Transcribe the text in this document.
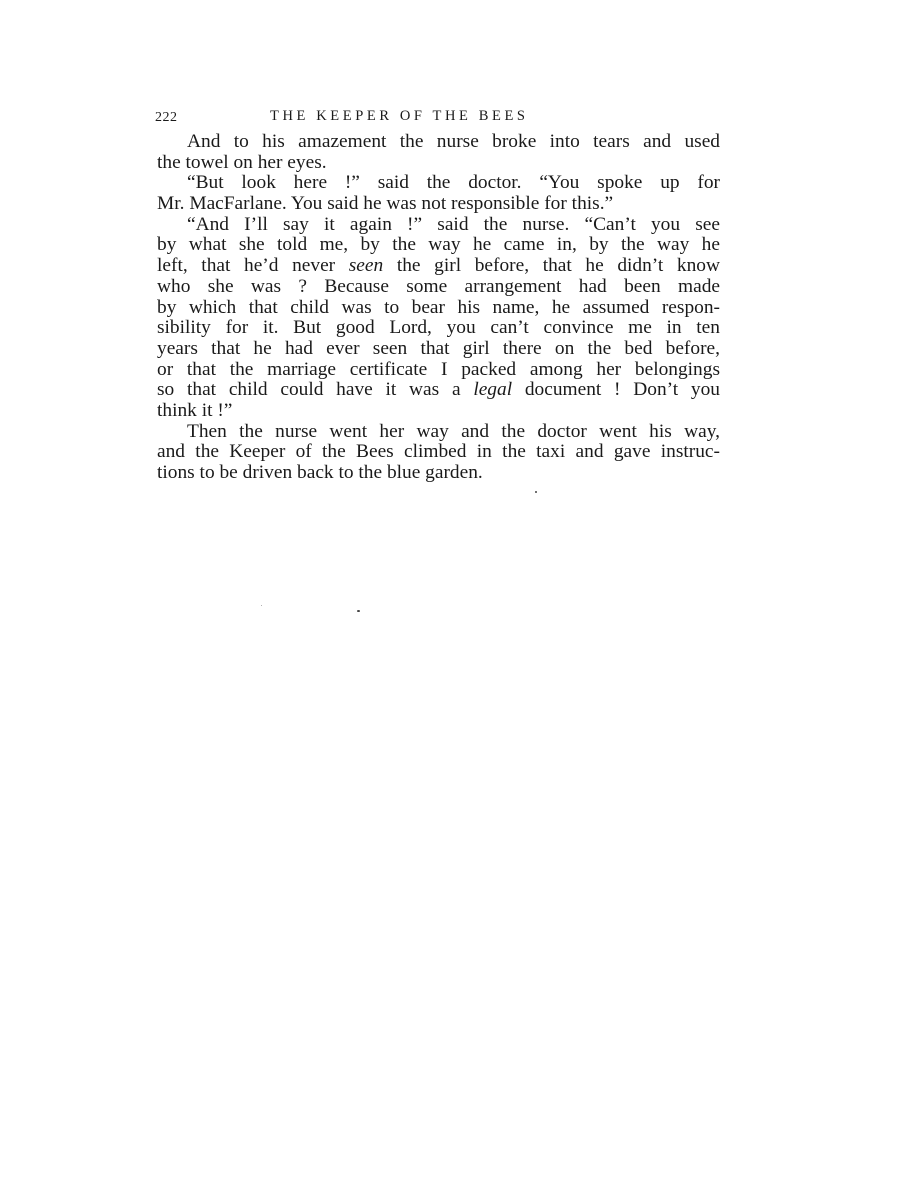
222	THE KEEPER OF THE BEES
And to his amazement the nurse broke into tears and used
the towel on her eyes.
“But look here !” said the doctor. “You spoke up for
Mr. MacFarlane. You said he was not responsible for this.”
“And I’ll say it again !” said the nurse. “Can’t you see
by what she told me, by the way he came in, by the way he
left, that he’d never seen the girl before, that he didn’t know
who she was ? Because some arrangement had been made
by which that child was to bear his name, he assumed respon-
sibility for it. But good Lord, you can’t convince me in ten
years that he had ever seen that girl there on the bed before,
or that the marriage certificate I packed among her belongings
so that child could have it was a legal document ! Don’t you
think it !”
Then the nurse went her way and the doctor went his way,
and the Keeper of the Bees climbed in the taxi and gave instruc-
tions to be driven back to the blue garden.
